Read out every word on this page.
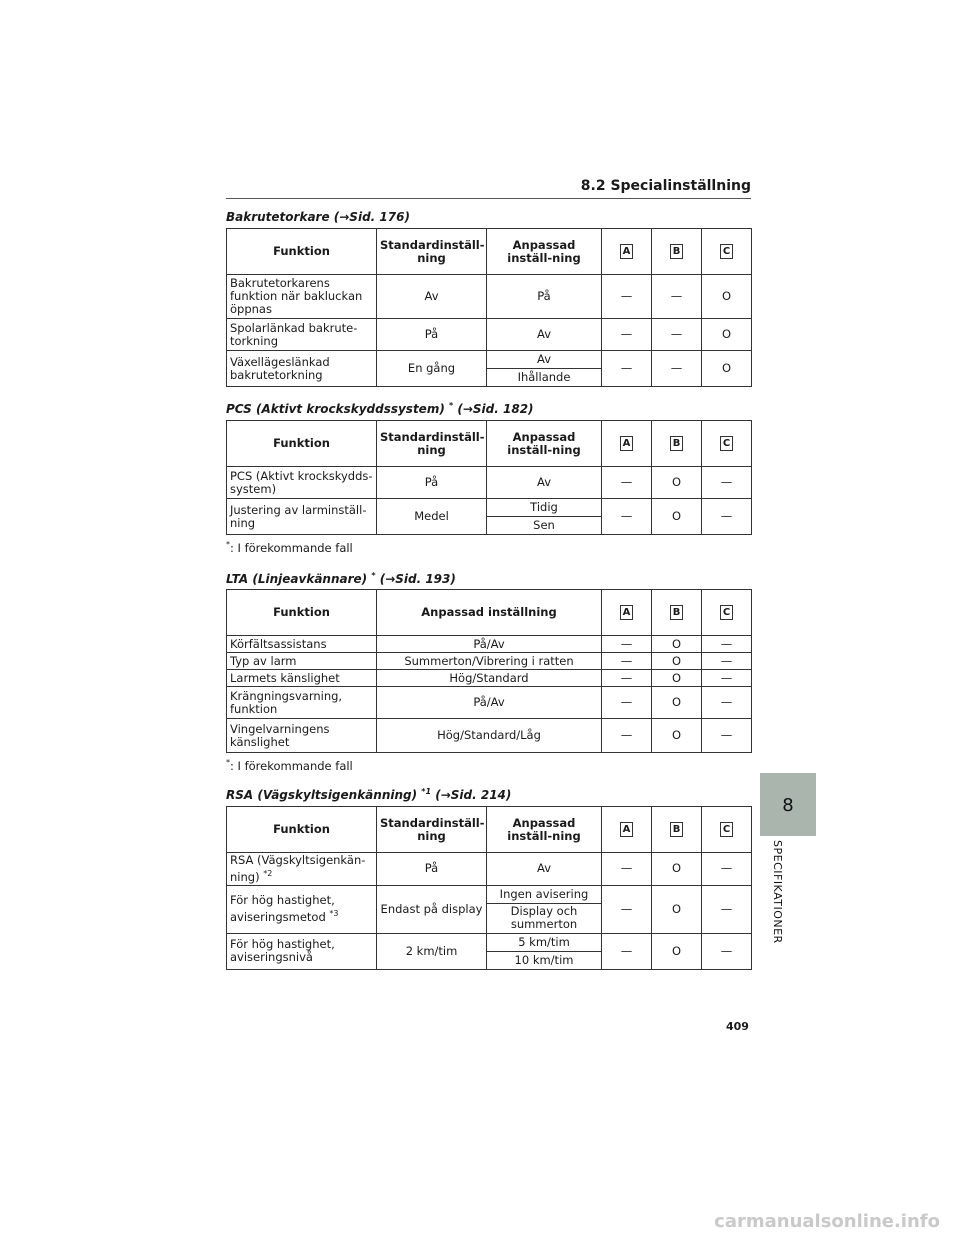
8.2 Specialinställning
Bakrutetorkare (→Sid. 176)
Funktion	Standardinställ-ning	Anpassad inställ-ning	A	B	C
Bakrutetorkarens funktion när bakluckan öppnas	Av	På	—	—	O
Spolarlänkad bakrute-torkning	På	Av	—	—	O
Växellägeslänkad bakrutetorkning	En gång	Av	—	—	O
		Ihållande			
PCS (Aktivt krockskyddssystem) * (→Sid. 182)
Funktion	Standardinställ-ning	Anpassad inställ-ning	A	B	C
PCS (Aktivt krockskydds-system)	På	Av	—	O	—
Justering av larminställ-ning	Medel	Tidig	—	O	—
		Sen			
*: I förekommande fall
LTA (Linjeavkännare) * (→Sid. 193)
Funktion	Anpassad inställning	A	B	C
Körfältsassistans	På/Av	—	O	—
Typ av larm	Summerton/Vibrering i ratten	—	O	—
Larmets känslighet	Hög/Standard	—	O	—
Krängningsvarning, funktion	På/Av	—	O	—
Vingelvarningens känslighet	Hög/Standard/Låg	—	O	—
*: I förekommande fall
RSA (Vägskyltsigenkänning) $^{*1}$ (→Sid. 214)
Funktion	Standardinställ-ning	Anpassad inställ-ning	A	B	C
RSA (Vägskyltsigenkän-ning) $^{*2}$	På	Av	—	O	—
För hög hastighet, aviseringsmetod $^{*3}$	Endast på display	Ingen avisering	—	O	—
		Display och summerton			
För hög hastighet, aviseringsnivå	2 km/tim	5 km/tim	—	O	—
		10 km/tim			
8
SPECIFIKATIONER
409
carmanualsonline.info
